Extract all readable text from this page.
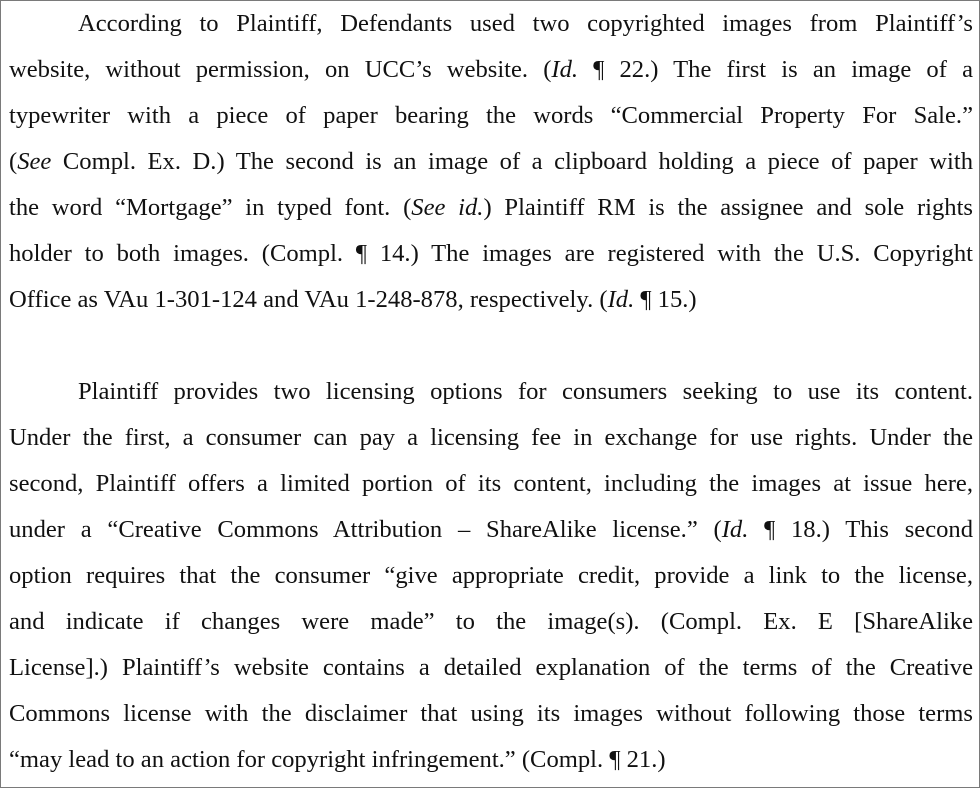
According to Plaintiff, Defendants used two copyrighted images from Plaintiff’s
website, without permission, on UCC’s website. (Id. ¶ 22.) The first is an image of a
typewriter with a piece of paper bearing the words “Commercial Property For Sale.”
(See Compl. Ex. D.) The second is an image of a clipboard holding a piece of paper with
the word “Mortgage” in typed font. (See id.) Plaintiff RM is the assignee and sole rights
holder to both images. (Compl. ¶ 14.) The images are registered with the U.S. Copyright
Office as VAu 1-301-124 and VAu 1-248-878, respectively. (Id. ¶ 15.)
Plaintiff provides two licensing options for consumers seeking to use its content.
Under the first, a consumer can pay a licensing fee in exchange for use rights. Under the
second, Plaintiff offers a limited portion of its content, including the images at issue here,
under a “Creative Commons Attribution – ShareAlike license.” (Id. ¶ 18.) This second
option requires that the consumer “give appropriate credit, provide a link to the license,
and indicate if changes were made” to the image(s). (Compl. Ex. E [ShareAlike
License].) Plaintiff’s website contains a detailed explanation of the terms of the Creative
Commons license with the disclaimer that using its images without following those terms
“may lead to an action for copyright infringement.” (Compl. ¶ 21.)
